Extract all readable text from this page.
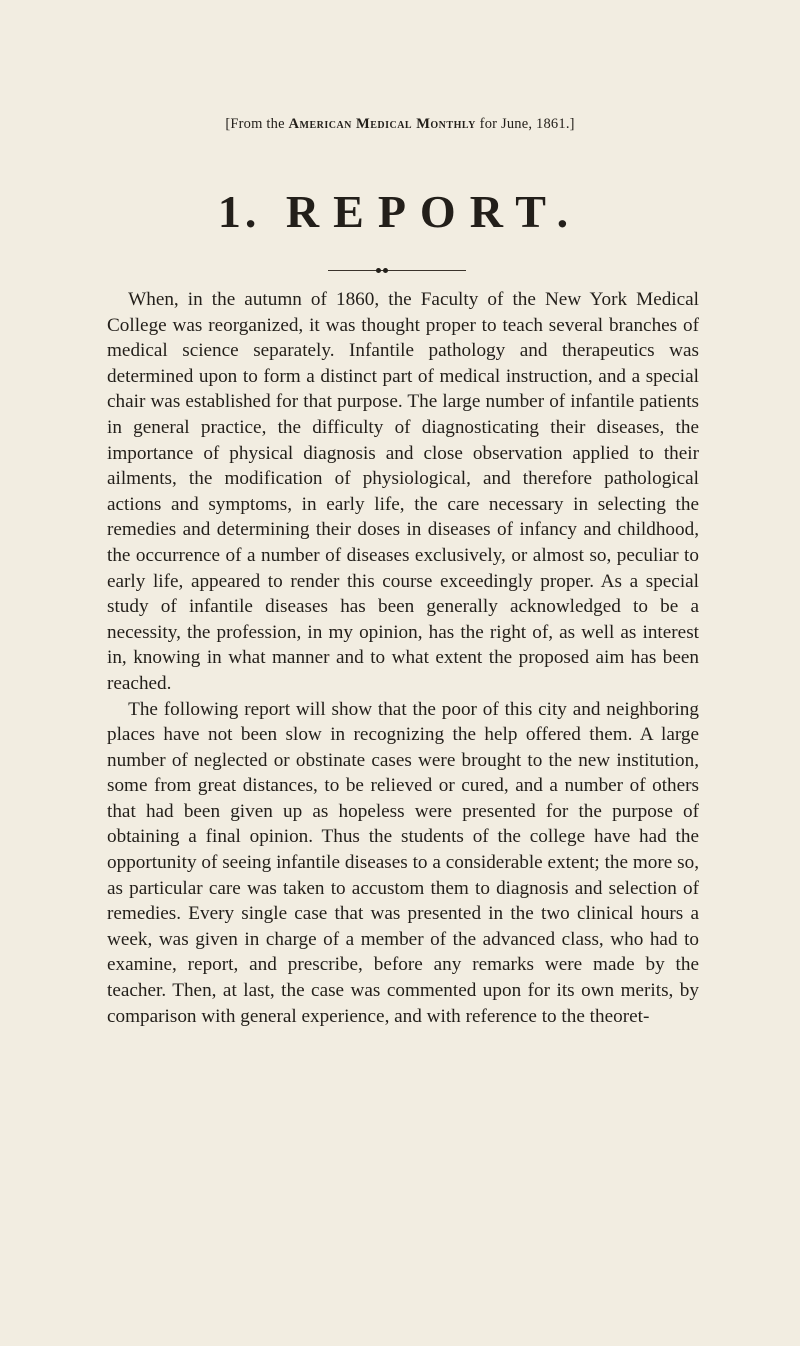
[From the American Medical Monthly for June, 1861.]
1. REPORT.

When, in the autumn of 1860, the Faculty of the New York Medical College was reorganized, it was thought proper to teach several branches of medical science separately. Infantile pathology and therapeutics was determined upon to form a distinct part of medical instruction, and a special chair was established for that purpose. The large number of infantile patients in general practice, the difficulty of diagnosticating their diseases, the importance of physical diagnosis and close observation applied to their ailments, the modification of physiological, and therefore pathological actions and symptoms, in early life, the care necessary in selecting the remedies and determining their doses in diseases of infancy and childhood, the occurrence of a number of diseases exclusively, or almost so, peculiar to early life, appeared to render this course exceedingly proper. As a special study of infantile diseases has been generally acknowledged to be a necessity, the profession, in my opinion, has the right of, as well as interest in, knowing in what manner and to what extent the proposed aim has been reached.

The following report will show that the poor of this city and neighboring places have not been slow in recognizing the help offered them. A large number of neglected or obstinate cases were brought to the new institution, some from great distances, to be relieved or cured, and a number of others that had been given up as hopeless were presented for the purpose of obtaining a final opinion. Thus the students of the college have had the opportunity of seeing infantile diseases to a considerable extent; the more so, as particular care was taken to accustom them to diagnosis and selection of remedies. Every single case that was presented in the two clinical hours a week, was given in charge of a member of the advanced class, who had to examine, report, and prescribe, before any remarks were made by the teacher. Then, at last, the case was commented upon for its own merits, by comparison with general experience, and with reference to the theoret-
